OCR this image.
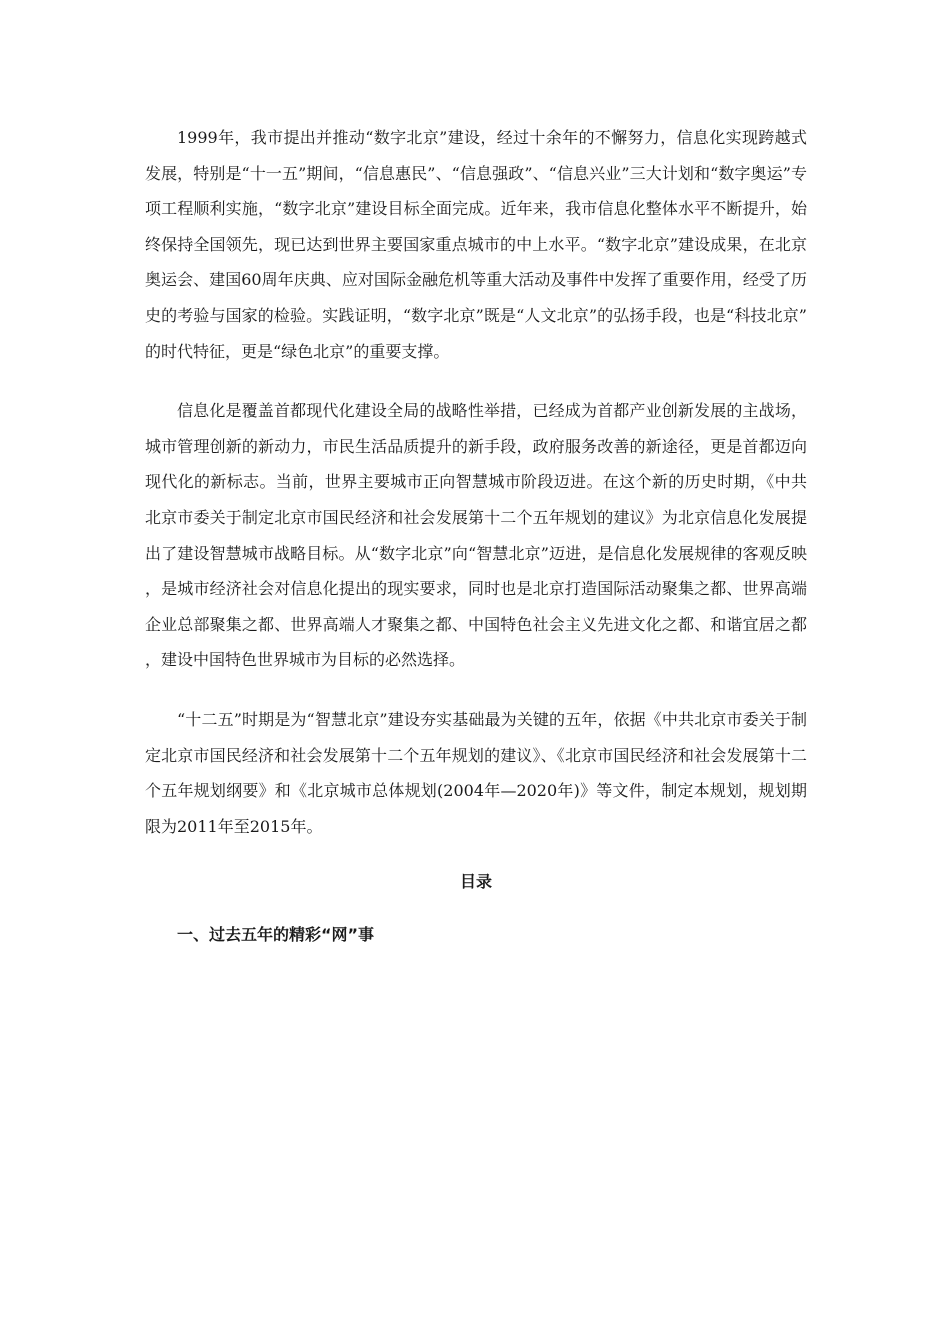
1999年，我市提出并推动“数字北京”建设，经过十余年的不懈努力，信息化实现跨越式发展，特别是“十一五”期间，“信息惠民”、“信息强政”、“信息兴业”三大计划和“数字奥运”专项工程顺利实施，“数字北京”建设目标全面完成。近年来，我市信息化整体水平不断提升，始终保持全国领先，现已达到世界主要国家重点城市的中上水平。“数字北京”建设成果，在北京奥运会、建国60周年庆典、应对国际金融危机等重大活动及事件中发挥了重要作用，经受了历史的考验与国家的检验。实践证明，“数字北京”既是“人文北京”的弘扬手段，也是“科技北京”的时代特征，更是“绿色北京”的重要支撑。

信息化是覆盖首都现代化建设全局的战略性举措，已经成为首都产业创新发展的主战场，城市管理创新的新动力，市民生活品质提升的新手段，政府服务改善的新途径，更是首都迈向现代化的新标志。当前，世界主要城市正向智慧城市阶段迈进。在这个新的历史时期，《中共北京市委关于制定北京市国民经济和社会发展第十二个五年规划的建议》为北京信息化发展提出了建设智慧城市战略目标。从“数字北京”向“智慧北京”迈进，是信息化发展规律的客观反映，是城市经济社会对信息化提出的现实要求，同时也是北京打造国际活动聚集之都、世界高端企业总部聚集之都、世界高端人才聚集之都、中国特色社会主义先进文化之都、和谐宜居之都，建设中国特色世界城市为目标的必然选择。

“十二五”时期是为“智慧北京”建设夯实基础最为关键的五年，依据《中共北京市委关于制定北京市国民经济和社会发展第十二个五年规划的建议》、《北京市国民经济和社会发展第十二个五年规划纲要》和《北京城市总体规划(2004年—2020年)》等文件，制定本规划，规划期限为2011年至2015年。

目录
一、过去五年的精彩“网”事
